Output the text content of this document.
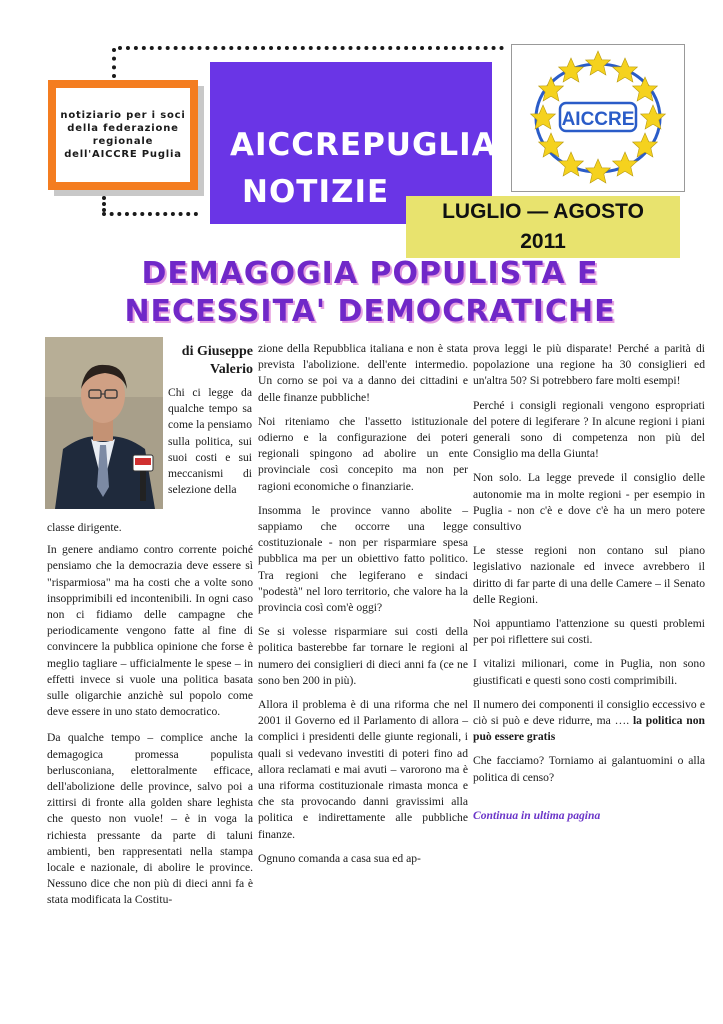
notiziario per i soci della federazione regionale dell'AICCRE Puglia AICCREPUGLIA
NOTIZIE
AICCRE
LUGLIO — AGOSTO
2011
DEMAGOGIA POPULISTA E
NECESSITA' DEMOCRATICHE
di Giuseppe Valerio
Chi ci legge da qualche tempo sa come la pensiamo sulla politica, sui suoi costi e sui meccanismi di selezione della

classe dirigente.

In genere andiamo contro corrente poiché pensiamo che la democrazia deve essere sì "risparmiosa" ma ha costi che a volte sono insopprimibili ed incontenibili. In ogni caso non ci fidiamo delle campagne che periodicamente vengono fatte al fine di convincere la pubblica opinione che forse è meglio tagliare – ufficialmente le spese – in effetti invece si vuole una politica basata sulle oligarchie anzichè sul popolo come deve essere in uno stato democratico.

Da qualche tempo – complice anche la demagogica promessa populista berlusconiana, elettoralmente efficace, dell'abolizione delle province, salvo poi a zittirsi di fronte alla golden share leghista che questo non vuole! – è in voga la richiesta pressante da parte di taluni ambienti, ben rappresentati nella stampa locale e nazionale, di abolire le province. Nessuno dice che non più di dieci anni fa è stata modificata la Costitu-

zione della Repubblica italiana e non è stata prevista l'abolizione. dell'ente intermedio. Un corno se poi va a danno dei cittadini e delle finanze pubbliche!

Noi riteniamo che l'assetto istituzionale odierno e la configurazione dei poteri regionali spingono ad abolire un ente provinciale così concepito ma non per ragioni economiche o finanziarie.

Insomma le province vanno abolite – sappiamo che occorre una legge costituzionale - non per risparmiare spesa pubblica ma per un obiettivo fatto politico. Tra regioni che legiferano e sindaci "podestà" nel loro territorio, che valore ha la provincia così com'è oggi?

Se si volesse risparmiare sui costi della politica basterebbe far tornare le regioni al numero dei consiglieri di dieci anni fa (ce ne sono ben 200 in più).

Allora il problema è di una riforma che nel 2001 il Governo ed il Parlamento di allora – complici i presidenti delle giunte regionali, i quali si vedevano investiti di poteri fino ad allora reclamati e mai avuti – varorono ma è una riforma costituzionale rimasta monca e che sta provocando danni gravissimi alla politica e indirettamente alle pubbliche finanze.

Ognuno comanda a casa sua ed ap-

prova leggi le più disparate! Perché a parità di popolazione una regione ha 30 consiglieri ed un'altra 50? Si potrebbero fare molti esempi!

Perché i consigli regionali vengono espropriati del potere di legiferare ? In alcune regioni i piani generali sono di competenza non più del Consiglio ma della Giunta!

Non solo. La legge prevede il consiglio delle autonomie ma in molte regioni - per esempio in Puglia - non c'è e dove c'è ha un mero potere consultivo

Le stesse regioni non contano sul piano legislativo nazionale ed invece avrebbero il diritto di far parte di una delle Camere – il Senato delle Regioni.

Noi appuntiamo l'attenzione su questi problemi per poi riflettere sui costi.

I vitalizi milionari, come in Puglia, non sono giustificati e questi sono costi comprimibili.

Il numero dei componenti il consiglio eccessivo e ciò si può e deve ridurre, ma …. la politica non può essere gratis

Che facciamo? Torniamo ai galantuomini o alla politica di censo?

Continua in ultima pagina
